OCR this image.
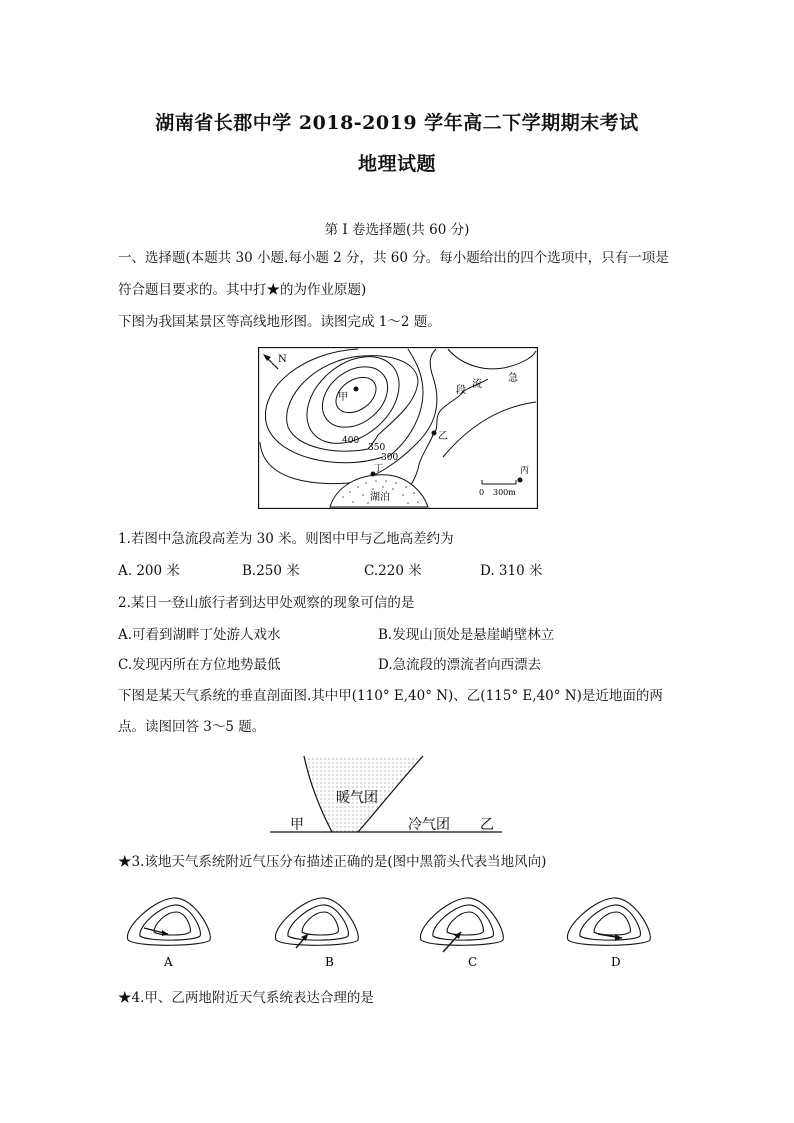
湖南省长郡中学 2018-2019 学年高二下学期期末考试
地理试题
第 I 卷选择题(共 60 分)
一、选择题(本题共 30 小题.每小题 2 分，共 60 分。每小题给出的四个选项中，只有一项是
符合题目要求的。其中打★的为作业原题)
下图为我国某景区等高线地形图。读图完成 1～2 题。
N
湖泊
甲
乙
丙
丁
400
350
300
段
流
急
0 300m
1.若图中急流段高差为 30 米。则图中甲与乙地高差约为
A. 200 米	B.250 米	C.220 米	D. 310 米
2.某日一登山旅行者到达甲处观察的现象可信的是
A.可看到湖畔丁处游人戏水	B.发现山顶处是悬崖峭壁林立
C.发现丙所在方位地势最低	D.急流段的漂流者向西漂去
下图是某天气系统的垂直剖面图.其中甲(110° E,40° N)、乙(115° E,40° N)是近地面的两
点。读图回答 3～5 题。
暖气团
冷气团
甲	乙
★3.该地天气系统附近气压分布描述正确的是(图中黑箭头代表当地风向)
A	B	C	D
★4.甲、乙两地附近天气系统表达合理的是
